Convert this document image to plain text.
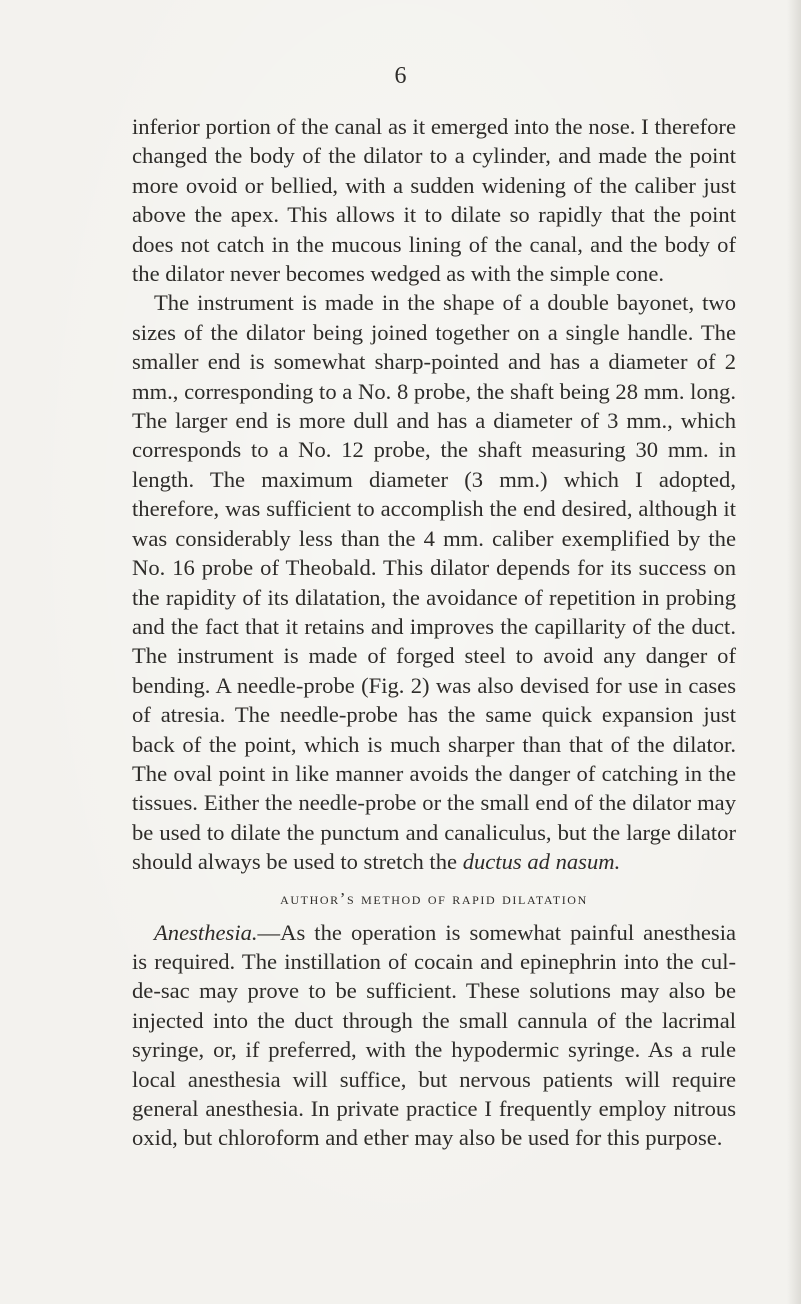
6

inferior portion of the canal as it emerged into the nose. I therefore changed the body of the dilator to a cylinder, and made the point more ovoid or bellied, with a sudden widening of the caliber just above the apex. This allows it to dilate so rapidly that the point does not catch in the mucous lining of the canal, and the body of the dilator never becomes wedged as with the simple cone.

The instrument is made in the shape of a double bayonet, two sizes of the dilator being joined together on a single handle. The smaller end is somewhat sharp-pointed and has a diameter of 2 mm., corresponding to a No. 8 probe, the shaft being 28 mm. long. The larger end is more dull and has a diameter of 3 mm., which corresponds to a No. 12 probe, the shaft measuring 30 mm. in length. The maximum diameter (3 mm.) which I adopted, therefore, was sufficient to accomplish the end desired, although it was considerably less than the 4 mm. caliber exemplified by the No. 16 probe of Theobald. This dilator depends for its success on the rapidity of its dilatation, the avoidance of repetition in probing and the fact that it retains and improves the capillarity of the duct. The instrument is made of forged steel to avoid any danger of bending. A needle-probe (Fig. 2) was also devised for use in cases of atresia. The needle-probe has the same quick expansion just back of the point, which is much sharper than that of the dilator. The oval point in like manner avoids the danger of catching in the tissues. Either the needle-probe or the small end of the dilator may be used to dilate the punctum and canaliculus, but the large dilator should always be used to stretch the ductus ad nasum.

author’s method of rapid dilatation

Anesthesia.—As the operation is somewhat painful anesthesia is required. The instillation of cocain and epinephrin into the cul-de-sac may prove to be sufficient. These solutions may also be injected into the duct through the small cannula of the lacrimal syringe, or, if preferred, with the hypodermic syringe. As a rule local anesthesia will suffice, but nervous patients will require general anesthesia. In private practice I frequently employ nitrous oxid, but chloroform and ether may also be used for this purpose.
